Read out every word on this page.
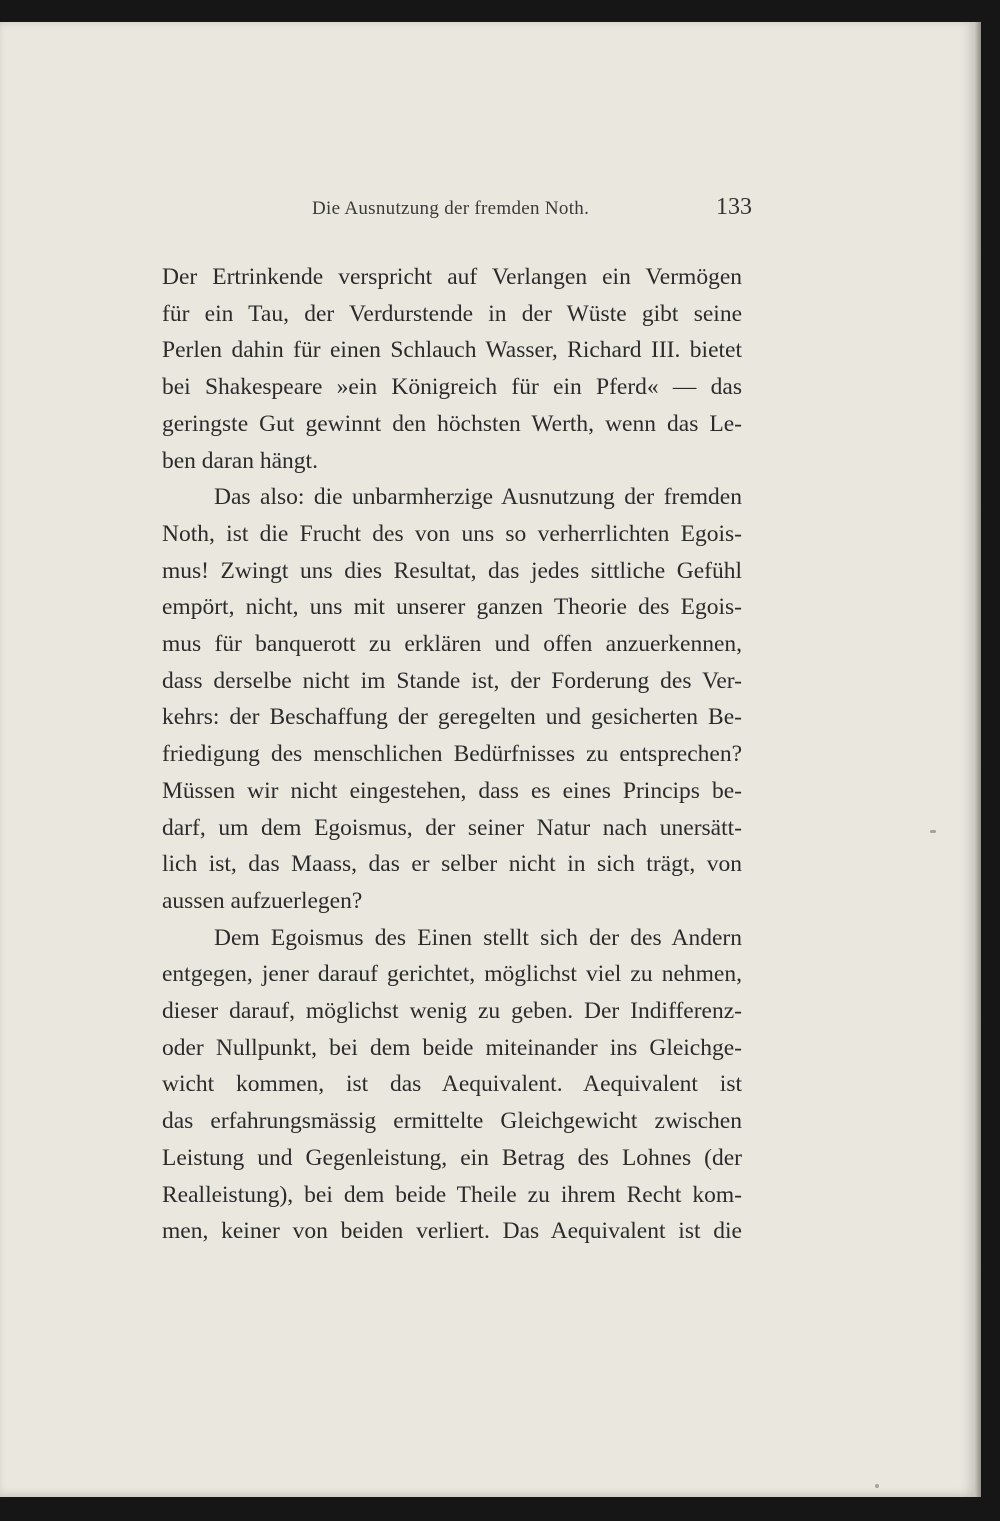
Die Ausnutzung der fremden Noth.	133
Der Ertrinkende verspricht auf Verlangen ein Vermögen
für ein Tau, der Verdurstende in der Wüste gibt seine
Perlen dahin für einen Schlauch Wasser, Richard III. bietet
bei Shakespeare »ein Königreich für ein Pferd« — das
geringste Gut gewinnt den höchsten Werth, wenn das Le-
ben daran hängt.
Das also: die unbarmherzige Ausnutzung der fremden
Noth, ist die Frucht des von uns so verherrlichten Egois-
mus! Zwingt uns dies Resultat, das jedes sittliche Gefühl
empört, nicht, uns mit unserer ganzen Theorie des Egois-
mus für banquerott zu erklären und offen anzuerkennen,
dass derselbe nicht im Stande ist, der Forderung des Ver-
kehrs: der Beschaffung der geregelten und gesicherten Be-
friedigung des menschlichen Bedürfnisses zu entsprechen?
Müssen wir nicht eingestehen, dass es eines Princips be-
darf, um dem Egoismus, der seiner Natur nach unersätt-
lich ist, das Maass, das er selber nicht in sich trägt, von
aussen aufzuerlegen?
Dem Egoismus des Einen stellt sich der des Andern
entgegen, jener darauf gerichtet, möglichst viel zu nehmen,
dieser darauf, möglichst wenig zu geben. Der Indifferenz-
oder Nullpunkt, bei dem beide miteinander ins Gleichge-
wicht kommen, ist das Aequivalent. Aequivalent ist
das erfahrungsmässig ermittelte Gleichgewicht zwischen
Leistung und Gegenleistung, ein Betrag des Lohnes (der
Realleistung), bei dem beide Theile zu ihrem Recht kom-
men, keiner von beiden verliert. Das Aequivalent ist die
